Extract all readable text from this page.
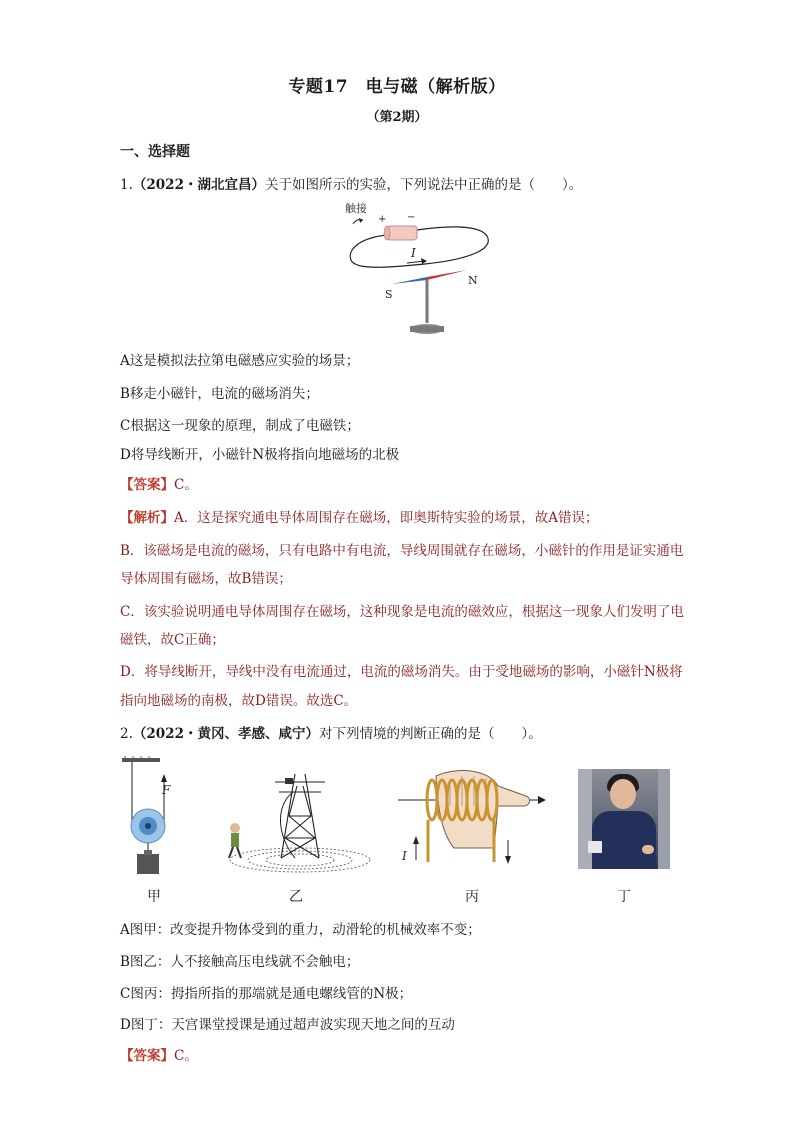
专题17　电与磁（解析版）
（第2期）
一、选择题
1.（2022・湖北宜昌）关于如图所示的实验，下列说法中正确的是（　　）。
触接
+ −
I
S
N
A这是模拟法拉第电磁感应实验的场景；
B移走小磁针，电流的磁场消失；
C根据这一现象的原理，制成了电磁铁；
D将导线断开，小磁针N极将指向地磁场的北极
【答案】C。
【解析】A．这是探究通电导体周围存在磁场，即奥斯特实验的场景，故A错误；
B．该磁场是电流的磁场，只有电路中有电流，导线周围就存在磁场，小磁针的作用是证实通电
导体周围有磁场，故B错误；
C．该实验说明通电导体周围存在磁场，这种现象是电流的磁效应，根据这一现象人们发明了电
磁铁，故C正确；
D．将导线断开，导线中没有电流通过，电流的磁场消失。由于受地磁场的影响，小磁针N极将
指向地磁场的南极，故D错误。故选C。
2.（2022・黄冈、孝感、咸宁）对下列情境的判断正确的是（　　）。
F
甲	乙
I
丙	丁
A图甲：改变提升物体受到的重力，动滑轮的机械效率不变；
B图乙：人不接触高压电线就不会触电；
C图丙：拇指所指的那端就是通电螺线管的N极；
D图丁：天宫课堂授课是通过超声波实现天地之间的互动
【答案】C。
